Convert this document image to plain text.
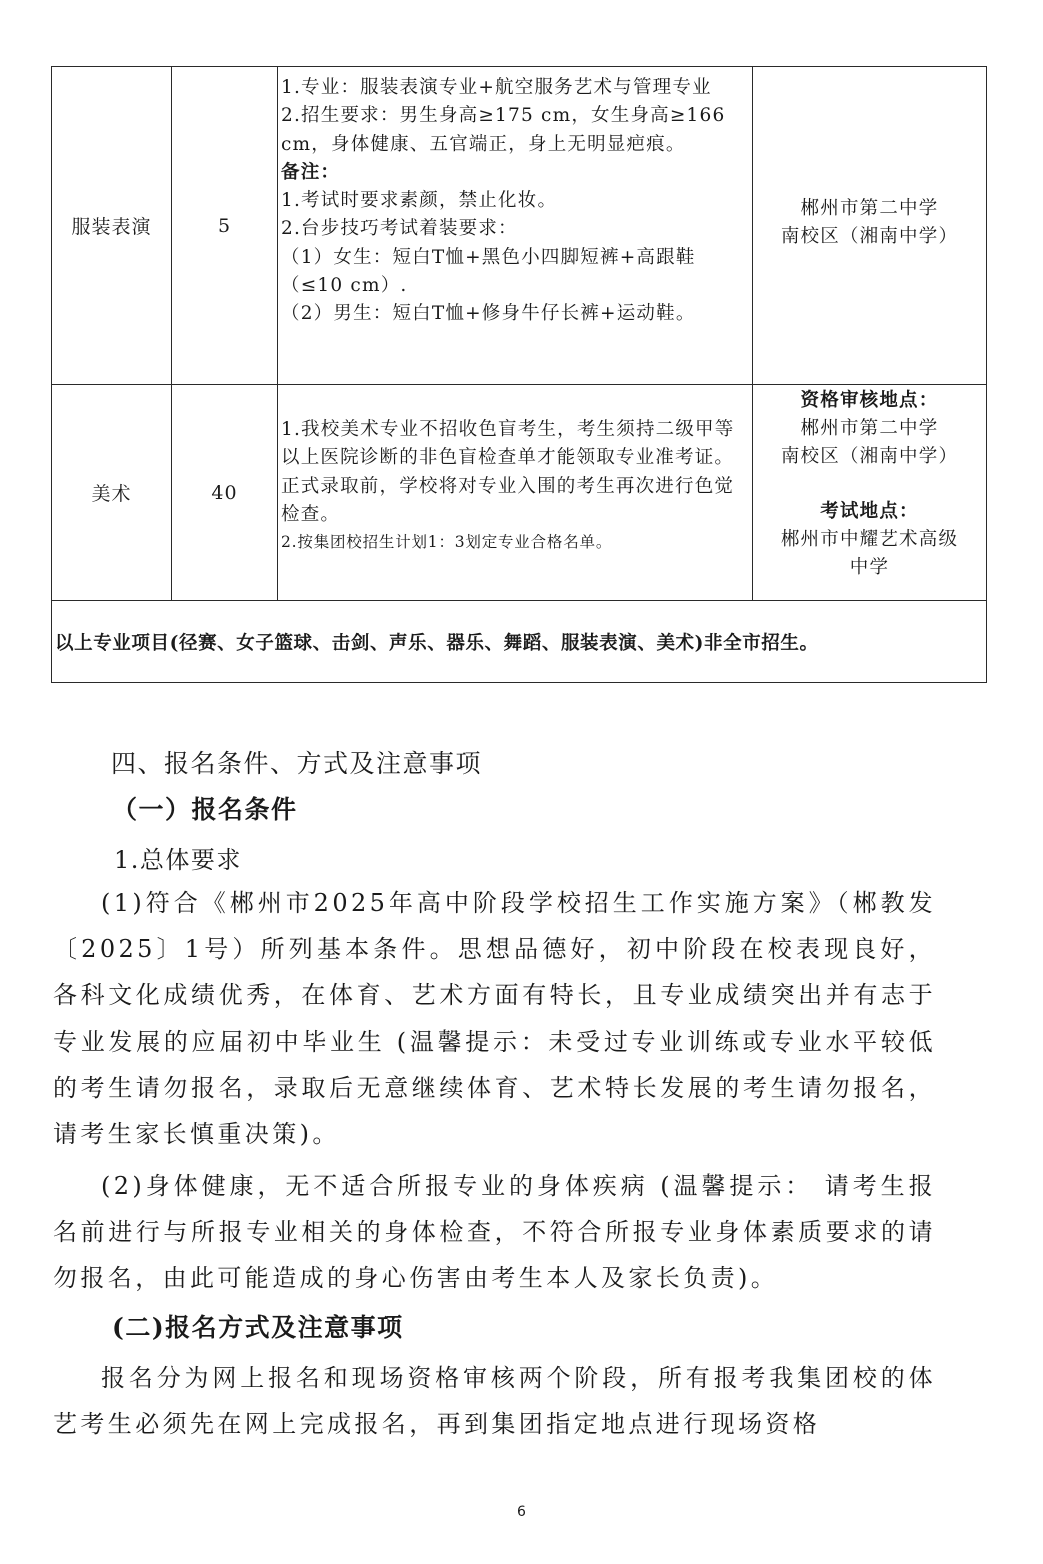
服装表演	5

1.专业：服装表演专业+航空服务艺术与管理专业

2.招生要求：男生身高≥175 cm，女生身高≥166 cm，身体健康、五官端正，身上无明显疤痕。

备注：

1.考试时要求素颜，禁止化妆。

2.台步技巧考试着装要求：

（1）女生：短白T恤+黑色小四脚短裤+高跟鞋（≤10 cm）.

（2）男生：短白T恤+修身牛仔长裤+运动鞋。

郴州市第二中学
南校区（湘南中学）
美术	40

1.我校美术专业不招收色盲考生，考生须持二级甲等以上医院诊断的非色盲检查单才能领取专业准考证。正式录取前，学校将对专业入围的考生再次进行色觉检查。

2.按集团校招生计划1：3划定专业合格名单。

资格审核地点：
郴州市第二中学
南校区（湘南中学）
考试地点：
郴州市中耀艺术高级
中学
以上专业项目(径赛、女子篮球、击剑、声乐、器乐、舞蹈、服装表演、美术)非全市招生。
四、报名条件、方式及注意事项
（一）报名条件
1.总体要求

(1)符合《郴州市2025年高中阶段学校招生工作实施方案》（郴教发〔2025〕1号）所列基本条件。思想品德好，初中阶段在校表现良好，各科文化成绩优秀，在体育、艺术方面有特长，且专业成绩突出并有志于专业发展的应届初中毕业生 (温馨提示：未受过专业训练或专业水平较低的考生请勿报名，录取后无意继续体育、艺术特长发展的考生请勿报名，请考生家长慎重决策)。

(2)身体健康，无不适合所报专业的身体疾病 (温馨提示： 请考生报名前进行与所报专业相关的身体检查，不符合所报专业身体素质要求的请勿报名，由此可能造成的身心伤害由考生本人及家长负责)。

(二)报名方式及注意事项

报名分为网上报名和现场资格审核两个阶段，所有报考我集团校的体艺考生必须先在网上完成报名，再到集团指定地点进行现场资格

6
